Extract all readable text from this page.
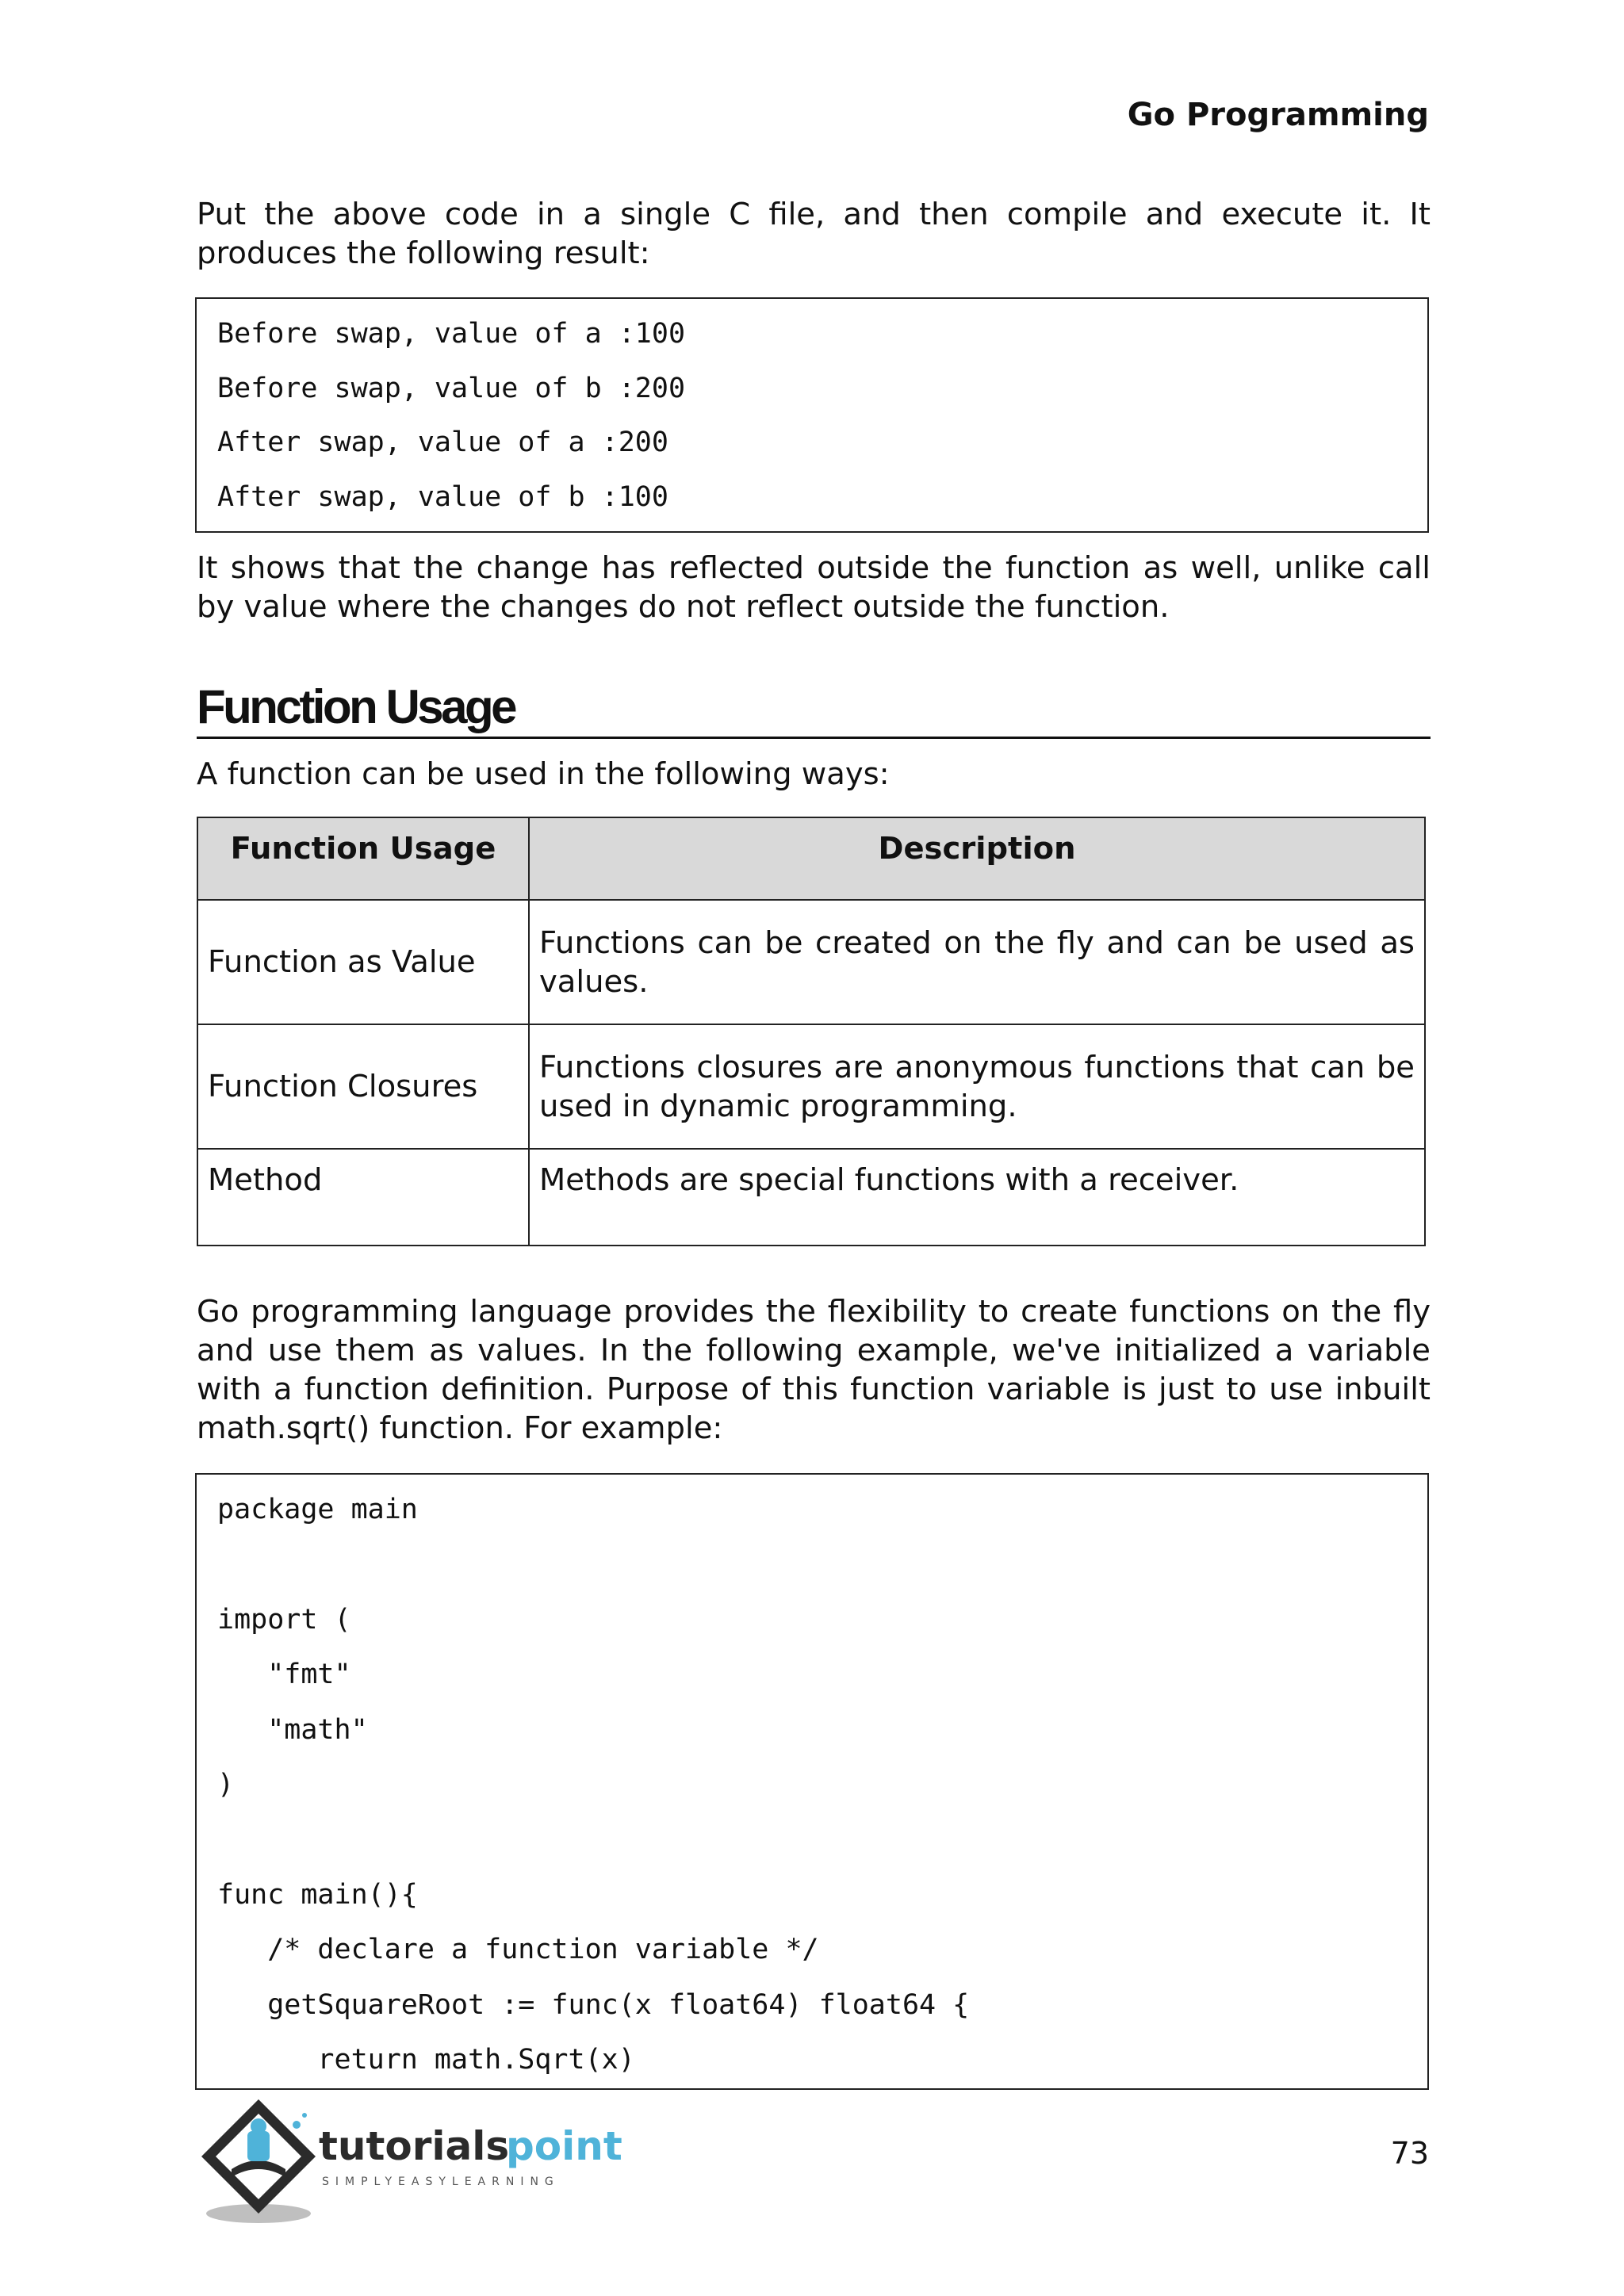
Go Programming

Put the above code in a single C file, and then compile and execute it. It produces the following result:

Before swap, value of a :100
Before swap, value of b :200
After swap, value of a :200
After swap, value of b :100

It shows that the change has reflected outside the function as well, unlike call by value where the changes do not reflect outside the function.

Function Usage

A function can be used in the following ways:

Function Usage	Description
Function as Value	Functions can be created on the fly and can be used as values.
Function Closures	Functions closures are anonymous functions that can be used in dynamic programming.
Method	Methods are special functions with a receiver.

Go programming language provides the flexibility to create functions on the fly and use them as values. In the following example, we've initialized a variable with a function definition. Purpose of this function variable is just to use inbuilt math.sqrt() function. For example:

package main
import (
"fmt"
"math"
)
func main(){
/* declare a function variable */
getSquareRoot := func(x float64) float64 {
return math.Sqrt(x)
tutorials
point
SIMPLYEASYLEARNING
73
